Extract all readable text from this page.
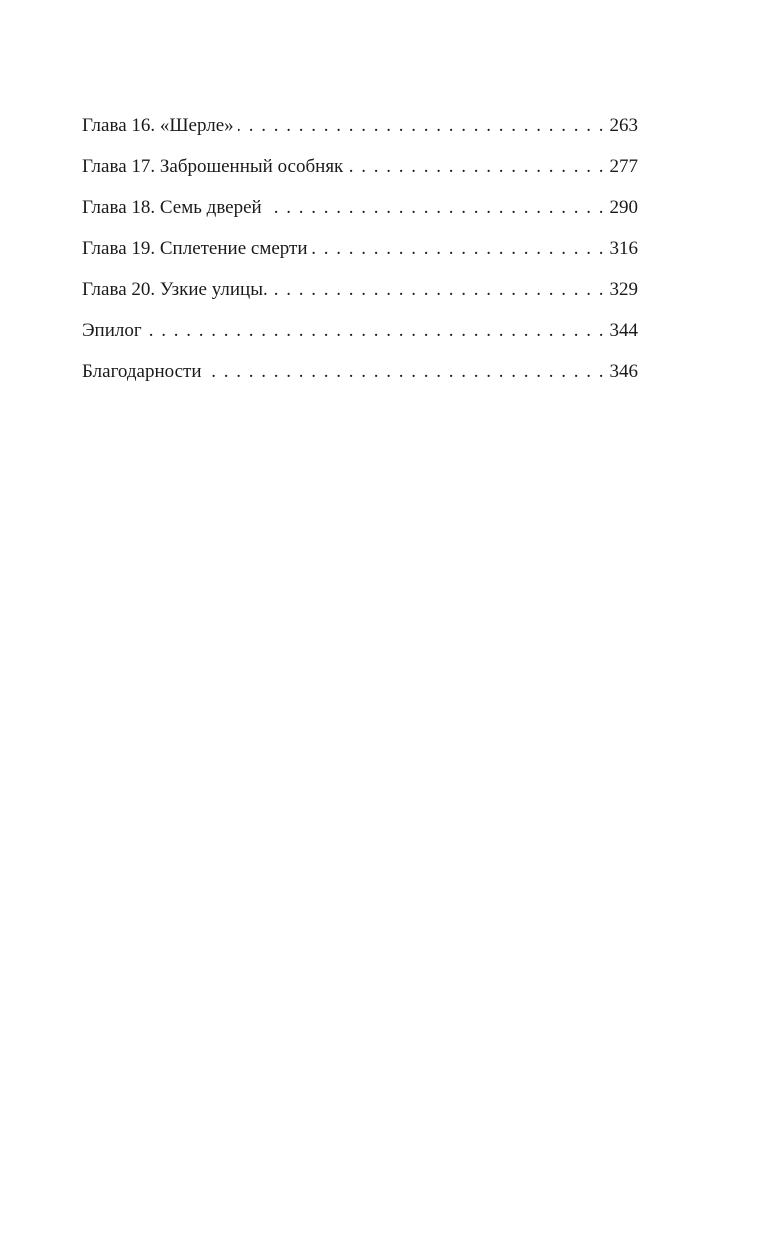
Глава 16. «Шерле» . . .	263
Глава 17. Заброшенный особняк . . .	277
Глава 18. Семь дверей . . .	290
Глава 19. Сплетение смерти . . .	316
Глава 20. Узкие улицы. . . .	329
Эпилог . . .	344
Благодарности . . .	346
